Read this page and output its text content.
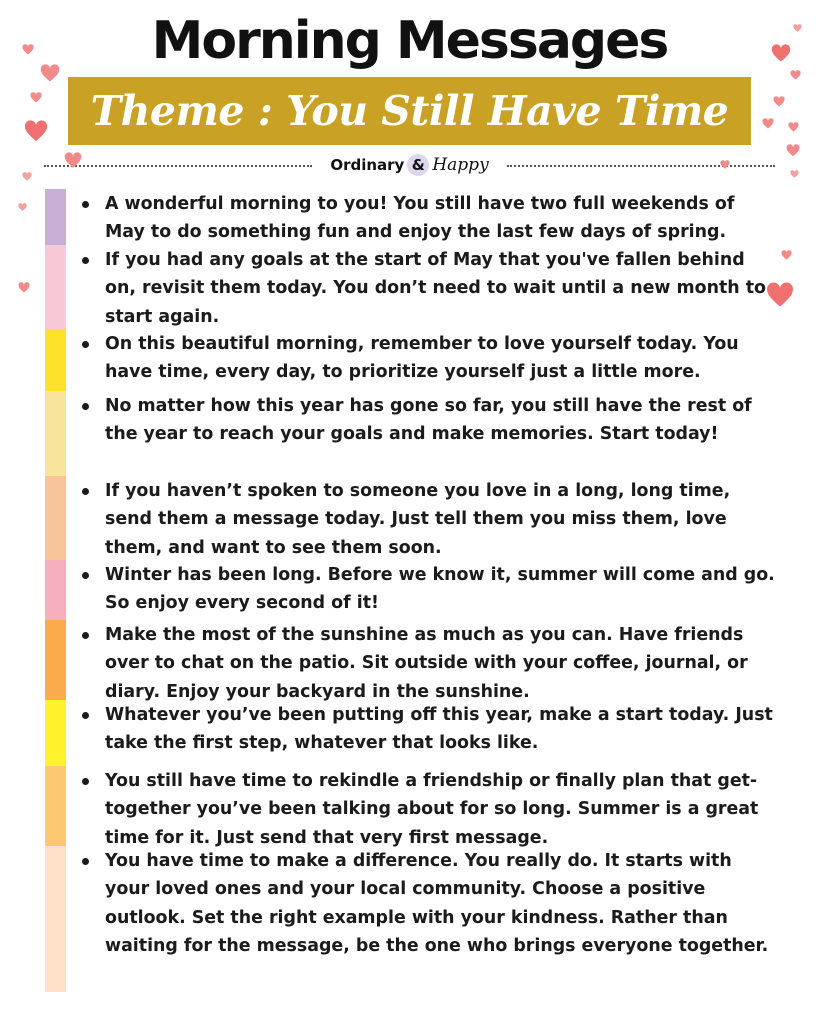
Morning Messages
Theme : You Still Have Time
Ordinary & Happy
A wonderful morning to you! You still have two full weekends of May to do something fun and enjoy the last few days of spring.
If you had any goals at the start of May that you've fallen behind on, revisit them today. You don’t need to wait until a new month to start again.
On this beautiful morning, remember to love yourself today. You have time, every day, to prioritize yourself just a little more.
No matter how this year has gone so far, you still have the rest of the year to reach your goals and make memories. Start today!
If you haven’t spoken to someone you love in a long, long time, send them a message today. Just tell them you miss them, love them, and want to see them soon.
Winter has been long. Before we know it, summer will come and go. So enjoy every second of it!
Make the most of the sunshine as much as you can. Have friends over to chat on the patio. Sit outside with your coffee, journal, or diary. Enjoy your backyard in the sunshine.
Whatever you’ve been putting off this year, make a start today. Just take the first step, whatever that looks like.
You still have time to rekindle a friendship or finally plan that get-together you’ve been talking about for so long. Summer is a great time for it. Just send that very first message.
You have time to make a difference. You really do. It starts with your loved ones and your local community. Choose a positive outlook. Set the right example with your kindness. Rather than waiting for the message, be the one who brings everyone together.
